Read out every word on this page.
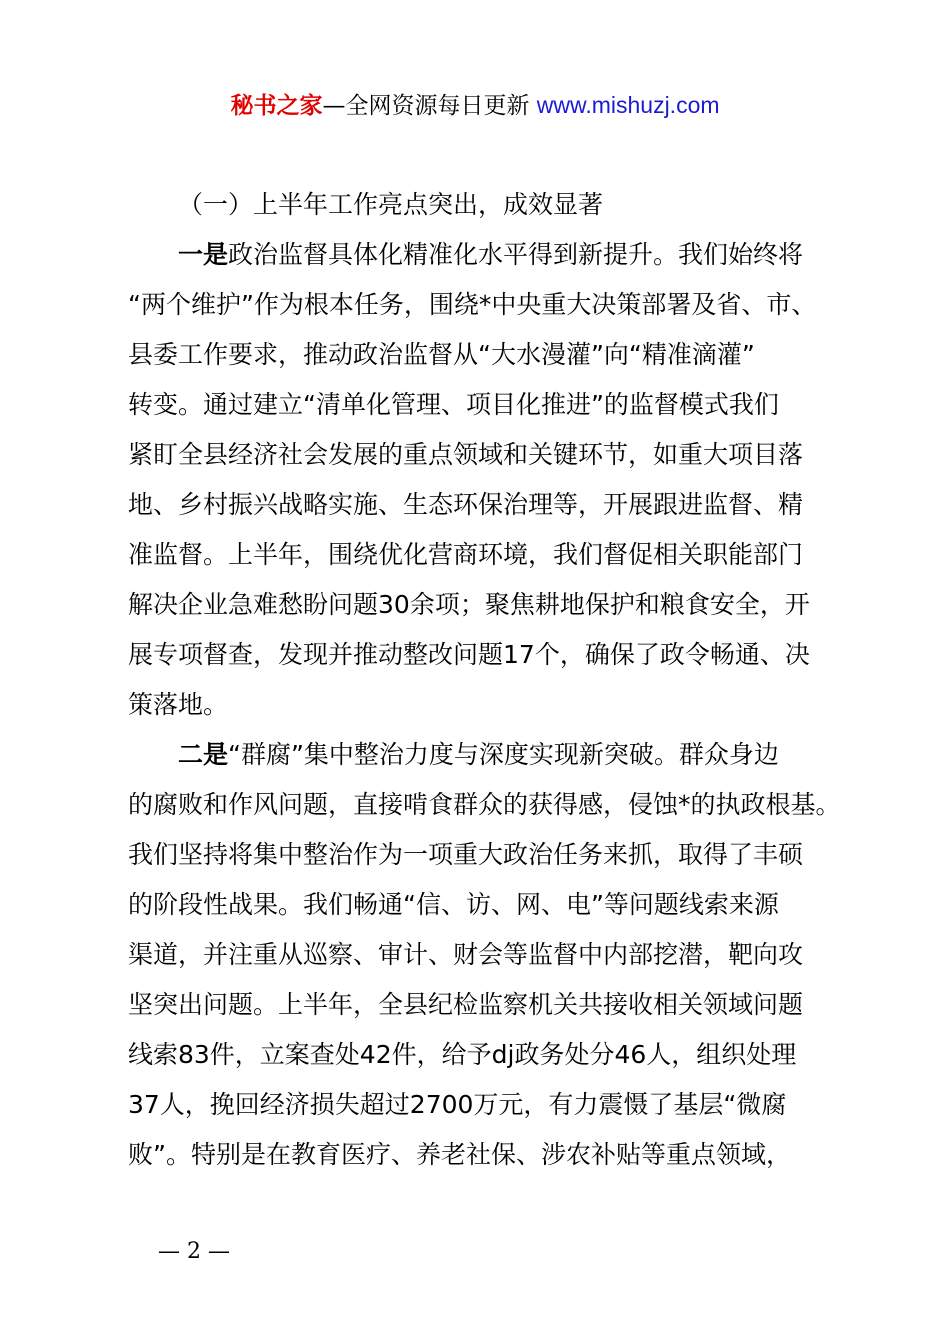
秘书之家—全网资源每日更新 www.mishuzj.com
（一）上半年工作亮点突出，成效显著
一是政治监督具体化精准化水平得到新提升。我们始终将
“两个维护”作为根本任务，围绕*中央重大决策部署及省、市、
县委工作要求，推动政治监督从“大水漫灌”向“精准滴灌”
转变。通过建立“清单化管理、项目化推进”的监督模式我们
紧盯全县经济社会发展的重点领域和关键环节，如重大项目落
地、乡村振兴战略实施、生态环保治理等，开展跟进监督、精
准监督。上半年，围绕优化营商环境，我们督促相关职能部门
解决企业急难愁盼问题30余项；聚焦耕地保护和粮食安全，开
展专项督查，发现并推动整改问题17个，确保了政令畅通、决
策落地。
二是“群腐”集中整治力度与深度实现新突破。群众身边
的腐败和作风问题，直接啃食群众的获得感，侵蚀*的执政根基。
我们坚持将集中整治作为一项重大政治任务来抓，取得了丰硕
的阶段性战果。我们畅通“信、访、网、电”等问题线索来源
渠道，并注重从巡察、审计、财会等监督中内部挖潜，靶向攻
坚突出问题。上半年，全县纪检监察机关共接收相关领域问题
线索83件，立案查处42件，给予dj政务处分46人，组织处理
37人，挽回经济损失超过2700万元，有力震慑了基层“微腐
败”。特别是在教育医疗、养老社保、涉农补贴等重点领域，
— 2 —
